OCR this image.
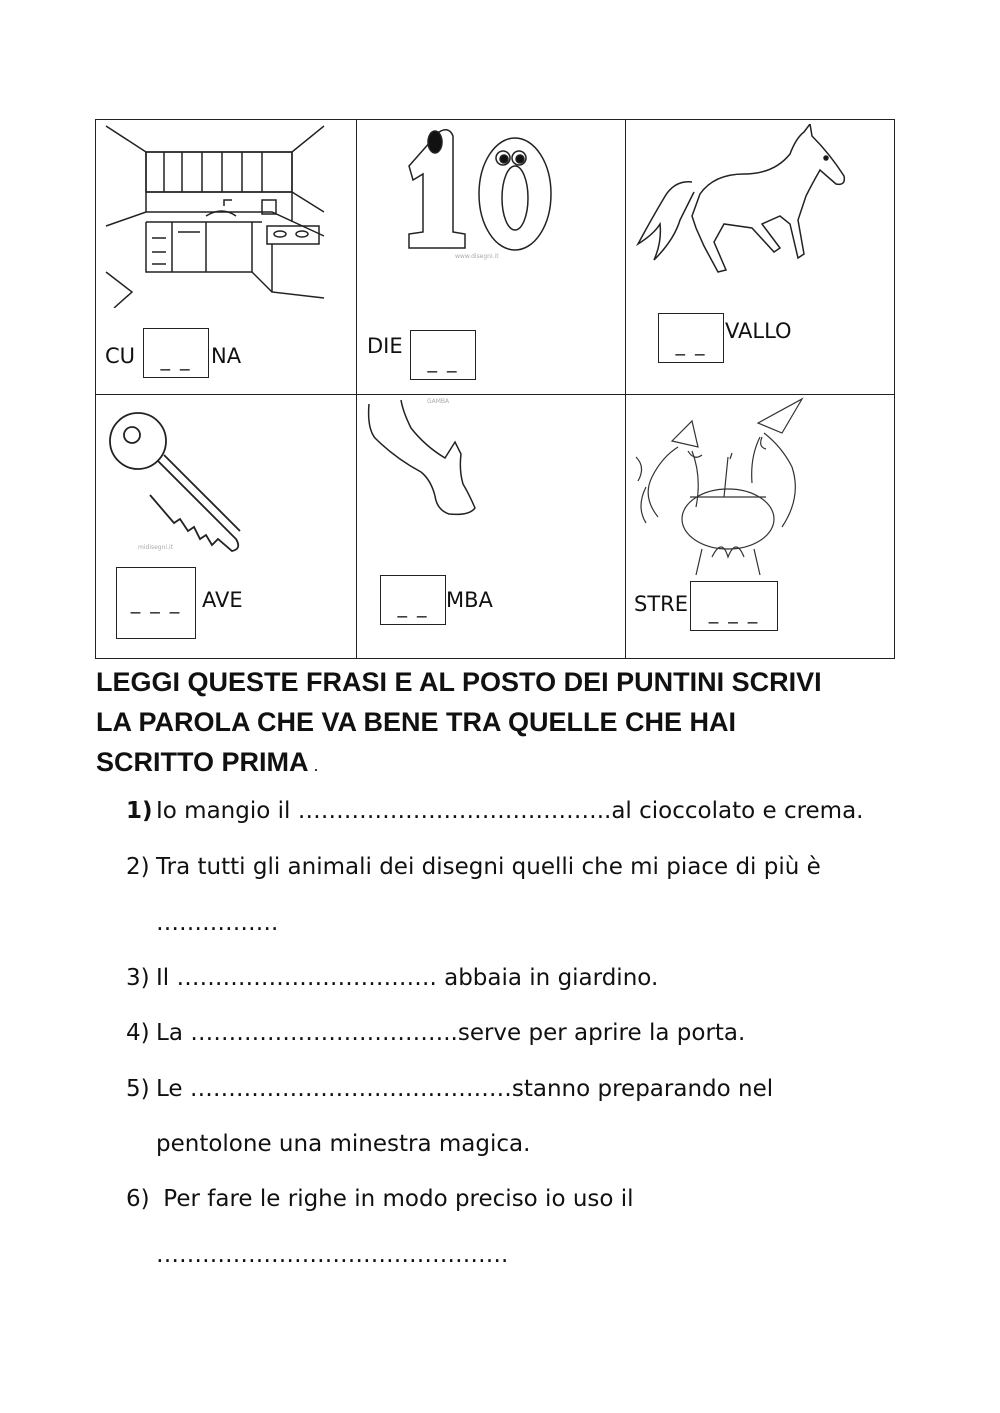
CU	_ _ NA
www.disegni.it
DIE
_ _
_ _
VALLO
midisegni.it
_ _ _ AVE
GAMBA
_ _ MBA	STRE	_ _ _
LEGGI QUESTE FRASI E AL POSTO DEI PUNTINI SCRIVI
LA PAROLA CHE VA BENE TRA QUELLE CHE HAI
SCRITTO PRIMA .
1) Io mangio il …………………………………..al cioccolato e crema.
2) Tra tutti gli animali dei disegni quelli che mi piace di più è
…………….
3) Il ……………………………. abbaia in giardino.
4) La ……………………………..serve per aprire la porta.
5) Le ……………………………………stanno preparando nel
pentolone una minestra magica.
6) Per fare le righe in modo preciso io uso il
……………………………………….
